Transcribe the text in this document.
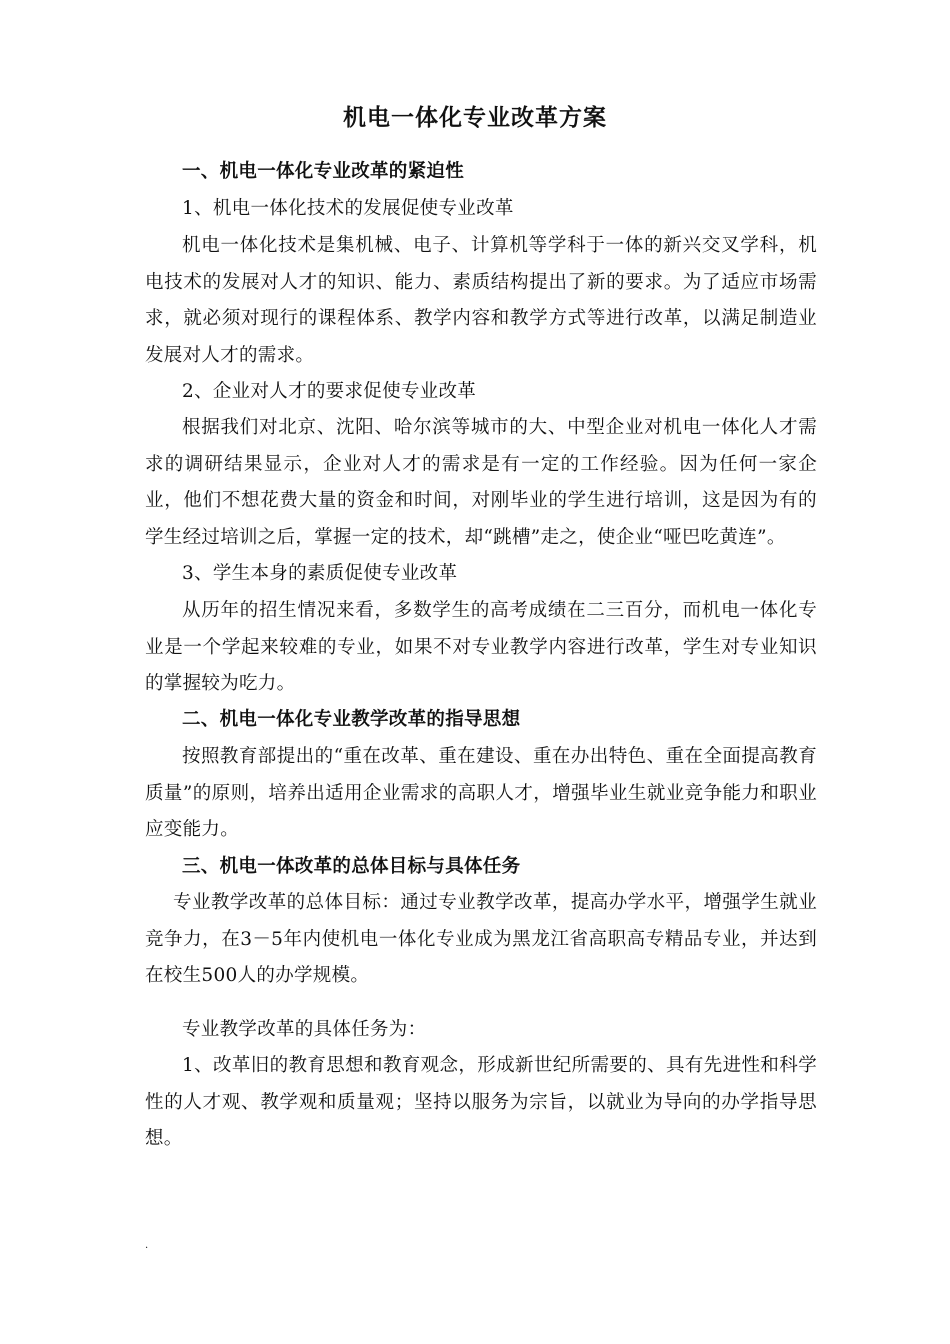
机电一体化专业改革方案

一、机电一体化专业改革的紧迫性

1、机电一体化技术的发展促使专业改革

机电一体化技术是集机械、电子、计算机等学科于一体的新兴交叉学科，机电技术的发展对人才的知识、能力、素质结构提出了新的要求。为了适应市场需求，就必须对现行的课程体系、教学内容和教学方式等进行改革，以满足制造业发展对人才的需求。

2、企业对人才的要求促使专业改革

根据我们对北京、沈阳、哈尔滨等城市的大、中型企业对机电一体化人才需求的调研结果显示，企业对人才的需求是有一定的工作经验。因为任何一家企业，他们不想花费大量的资金和时间，对刚毕业的学生进行培训，这是因为有的学生经过培训之后，掌握一定的技术，却“跳槽”走之，使企业“哑巴吃黄连”。

3、学生本身的素质促使专业改革

从历年的招生情况来看，多数学生的高考成绩在二三百分，而机电一体化专业是一个学起来较难的专业，如果不对专业教学内容进行改革，学生对专业知识的掌握较为吃力。

二、机电一体化专业教学改革的指导思想

按照教育部提出的“重在改革、重在建设、重在办出特色、重在全面提高教育质量”的原则，培养出适用企业需求的高职人才，增强毕业生就业竞争能力和职业应变能力。

三、机电一体改革的总体目标与具体任务

专业教学改革的总体目标：通过专业教学改革，提高办学水平，增强学生就业竞争力，在3－5年内使机电一体化专业成为黑龙江省高职高专精品专业，并达到在校生500人的办学规模。

专业教学改革的具体任务为：

1、改革旧的教育思想和教育观念，形成新世纪所需要的、具有先进性和科学性的人才观、教学观和质量观；坚持以服务为宗旨，以就业为导向的办学指导思想。

.
